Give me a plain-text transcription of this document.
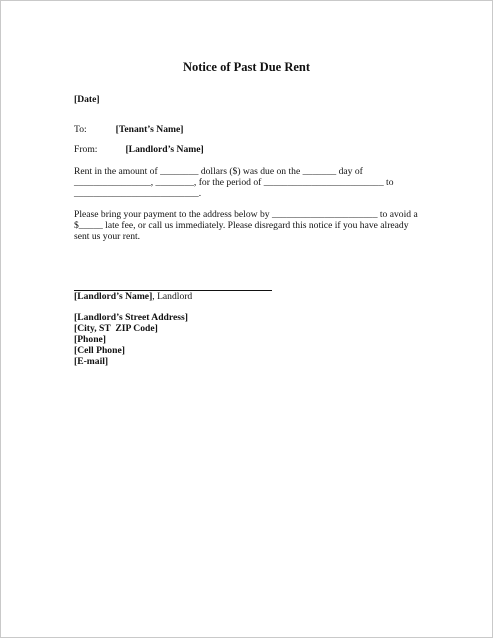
Notice of Past Due Rent
[Date]
To:	[Tenant’s Name]
From:	[Landlord’s Name]
Rent in the amount of ________ dollars ($) was due on the _______ day of
________________, ________, for the period of _________________________ to
__________________________.
Please bring your payment to the address below by ______________________ to avoid a
$_____ late fee, or call us immediately. Please disregard this notice if you have already
sent us your rent.
[Landlord’s Name], Landlord
[Landlord’s Street Address]
[City, ST  ZIP Code]
[Phone]
[Cell Phone]
[E-mail]
